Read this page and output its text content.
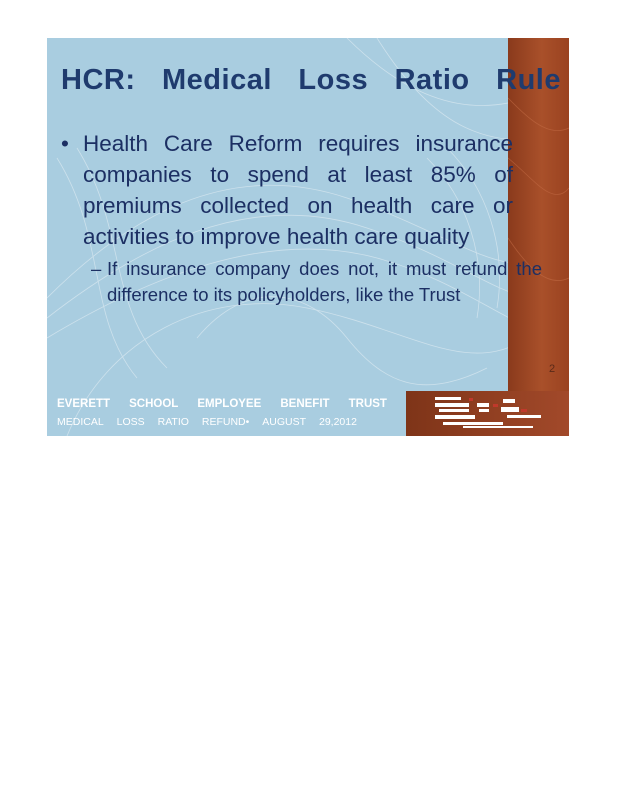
HCR: Medical Loss Ratio Rule
• Health Care Reform requires insurance companies to spend at least 85% of premiums collected on health care or activities to improve health care quality
– If insurance company does not, it must refund the difference to its policyholders, like the Trust
2
EVERETT SCHOOL EMPLOYEE BENEFIT TRUST
MEDICAL LOSS RATIO REFUND• AUGUST 29,2012
